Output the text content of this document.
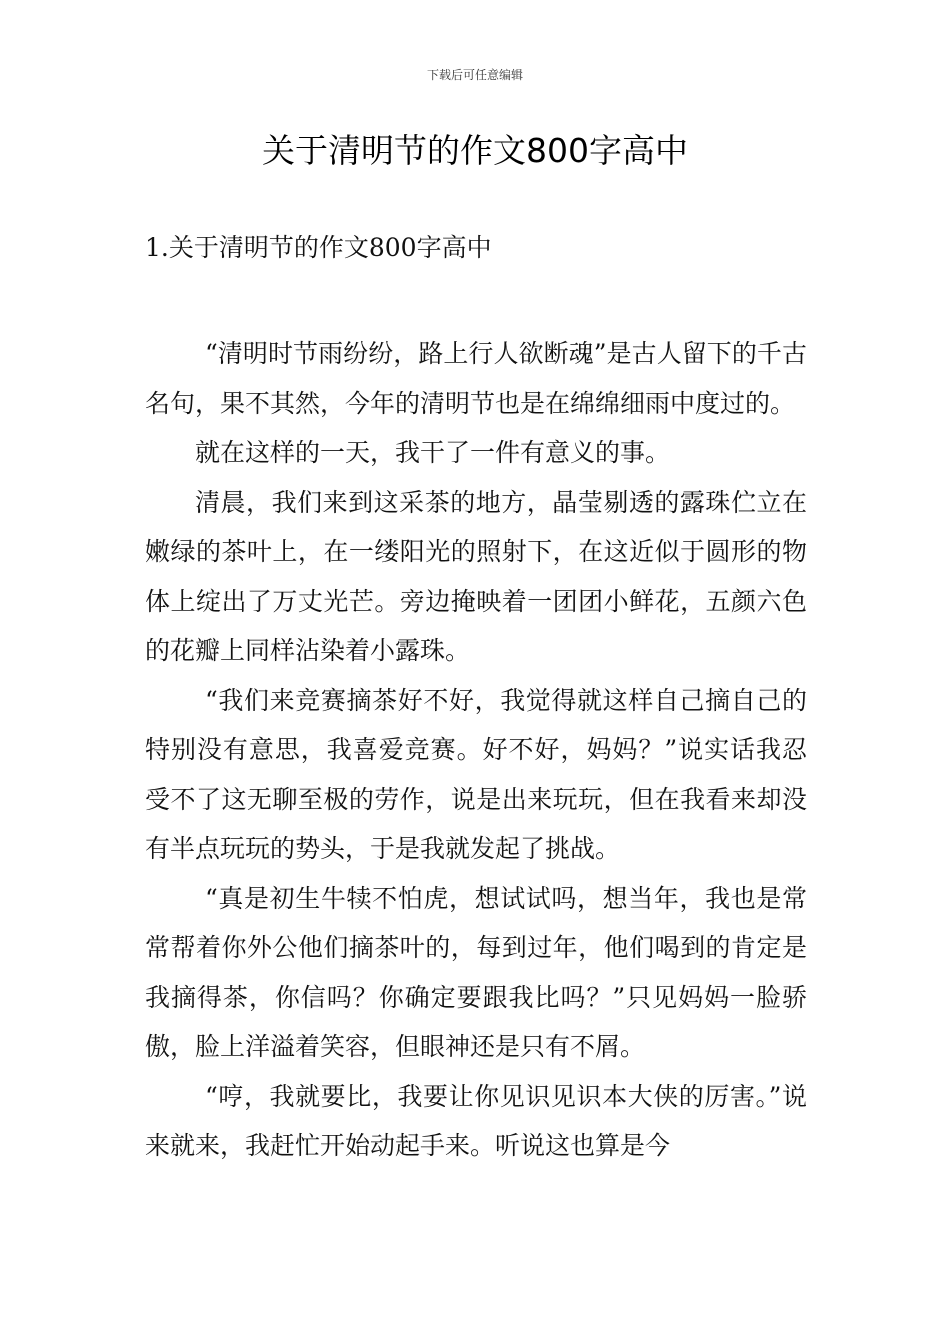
下载后可任意编辑
关于清明节的作文800字高中
1.关于清明节的作文800字高中

“清明时节雨纷纷，路上行人欲断魂”是古人留下的千古名句，果不其然，今年的清明节也是在绵绵细雨中度过的。

就在这样的一天，我干了一件有意义的事。

清晨，我们来到这采茶的地方，晶莹剔透的露珠伫立在嫩绿的茶叶上，在一缕阳光的照射下，在这近似于圆形的物体上绽出了万丈光芒。旁边掩映着一团团小鲜花，五颜六色的花瓣上同样沾染着小露珠。

“我们来竞赛摘茶好不好，我觉得就这样自己摘自己的特别没有意思，我喜爱竞赛。好不好，妈妈？”说实话我忍受不了这无聊至极的劳作，说是出来玩玩，但在我看来却没有半点玩玩的势头，于是我就发起了挑战。

“真是初生牛犊不怕虎，想试试吗，想当年，我也是常常帮着你外公他们摘茶叶的，每到过年，他们喝到的肯定是我摘得茶，你信吗？你确定要跟我比吗？”只见妈妈一脸骄傲，脸上洋溢着笑容，但眼神还是只有不屑。

“哼，我就要比，我要让你见识见识本大侠的厉害。”说来就来，我赶忙开始动起手来。听说这也算是今
